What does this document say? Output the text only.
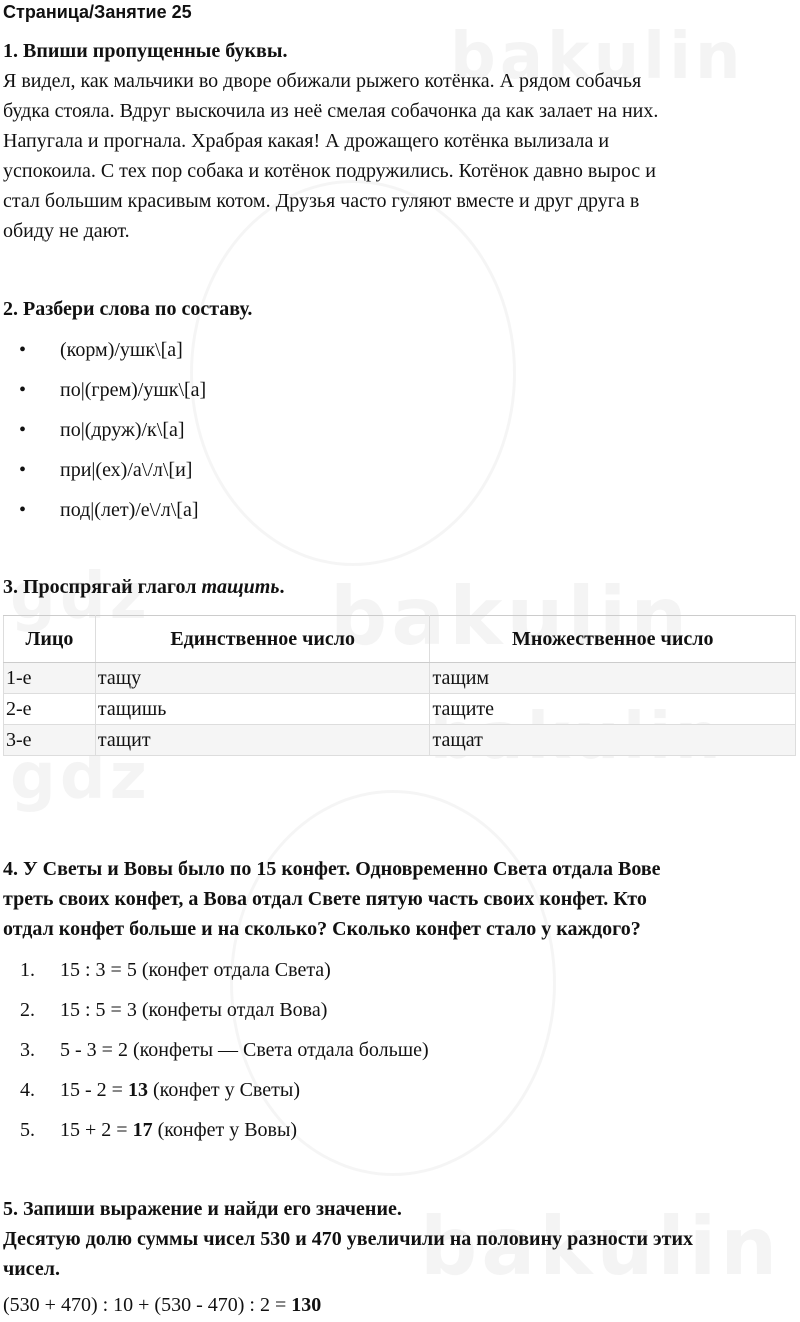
Страница/Занятие 25
1. Впиши пропущенные буквы.
Я видел, как мальчики во дворе обижали рыжего котёнка. А рядом собачья
будка стояла. Вдруг выскочила из неё смелая собачонка да как залает на них.
Напугала и прогнала. Храбрая какая! А дрожащего котёнка вылизала и
успокоила. С тех пор собака и котёнок подружились. Котёнок давно вырос и
стал большим красивым котом. Друзья часто гуляют вместе и друг друга в
обиду не дают.
2. Разбери слова по составу.
• (корм)/ушк\[а]
• по|(грем)/ушк\[а]
• по|(друж)/к\[а]
• при|(ех)/а\/л\[и]
• под|(лет)/е\/л\[а]
3. Проспрягай глагол тащить.
Лицо	Единственное число	Множественное число
1-е	тащу	тащим
2-е	тащишь	тащите
3-е	тащит	тащат
4. У Светы и Вовы было по 15 конфет. Одновременно Света отдала Вове
треть своих конфет, а Вова отдал Свете пятую часть своих конфет. Кто
отдал конфет больше и на сколько? Сколько конфет стало у каждого?
1. 15 : 3 = 5 (конфет отдала Света)
2. 15 : 5 = 3 (конфеты отдал Вова)
3. 5 - 3 = 2 (конфеты — Света отдала больше)
4. 15 - 2 = 13 (конфет у Светы)
5. 15 + 2 = 17 (конфет у Вовы)
5. Запиши выражение и найди его значение.
Десятую долю суммы чисел 530 и 470 увеличили на половину разности этих
чисел.
(530 + 470) : 10 + (530 - 470) : 2 = 130
